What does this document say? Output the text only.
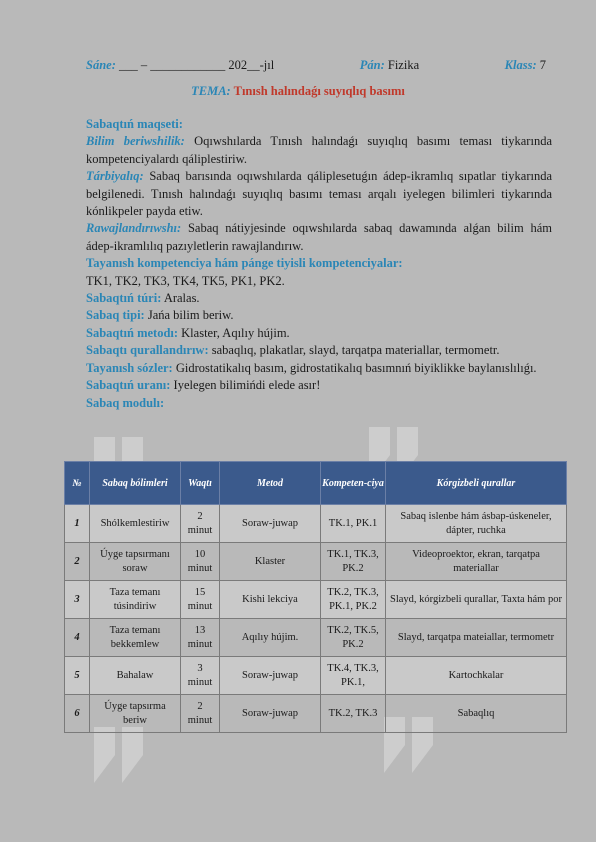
Sáne: ___ – ____________ 202__-jıl	Pán: Fizika	Klass: 7
TEMA: Tınısh halındaǵı suyıqlıq basımı

Sabaqtıń maqseti:

Bilim beriwshilik: Oqıwshılarda Tınısh halındaǵı suyıqlıq basımı teması tiykarında kompetenciyalardı qáliplestiriw.

Tárbiyalıq: Sabaq barısında oqıwshılarda qáliplesetuǵın ádep-ikramlıq sıpatlar tiykarında belgilenedi. Tınısh halındaǵı suyıqlıq basımı teması arqalı iyelegen bilimleri tiykarında kónlikpeler payda etiw.

Rawajlandırıwshı: Sabaq nátiyjesinde oqıwshılarda sabaq dawamında alǵan bilim hám ádep-ikramlılıq pazıyletlerin rawajlandırıw.

Tayanısh kompetenciya hám pánge tiyisli kompetenciyalar:

TK1, TK2, TK3, TK4, TK5, PK1, PK2.

Sabaqtıń túri: Aralas.

Sabaq tipi: Jańa bilim beriw.

Sabaqtıń metodı: Klaster, Aqılıy hújim.

Sabaqtı qurallandırıw: sabaqlıq, plakatlar, slayd, tarqatpa materiallar, termometr.

Tayanısh sózler: Gidrostatikalıq basım, gidrostatikalıq basımnıń biyiklikke baylanıslılıǵı.

Sabaqtıń uranı: Iyelegen bilimińdi elede asır!

Sabaq modulı:

№	Sabaq bólimleri	Waqtı	Metod	Kompeten-ciya	Kórgizbeli qurallar
1	Shólkemlestiriw	2 minut	Soraw-juwap	TK.1, PK.1	Sabaq islenbe hám ásbap-úskeneler, dápter, ruchka
2	Úyge tapsırmanı soraw	10 minut	Klaster	TK.1, TK.3, PK.2	Videoproektor, ekran, tarqatpa materiallar
3	Taza temanı túsindiriw	15 minut	Kishi lekciya	TK.2, TK.3, PK.1, PK.2	Slayd, kórgizbeli qurallar, Taxta hám por
4	Taza temanı bekkemlew	13 minut	Aqılıy hújim.	TK.2, TK.5, PK.2	Slayd, tarqatpa mateiallar, termometr
5	Bahalaw	3 minut	Soraw-juwap	TK.4, TK.3, PK.1,	Kartochkalar
6	Úyge tapsırma beriw	2 minut	Soraw-juwap	TK.2, TK.3	Sabaqlıq
